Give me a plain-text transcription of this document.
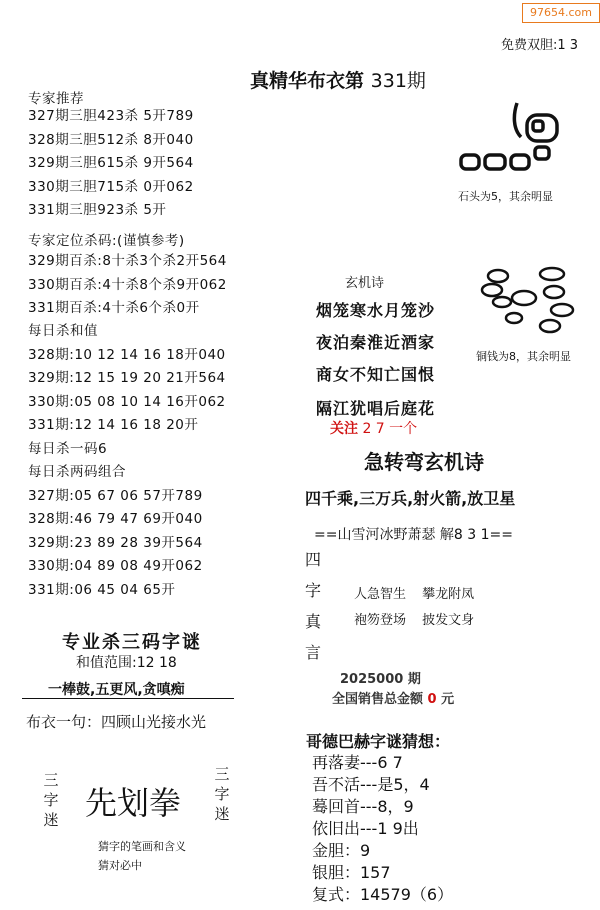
97654.com
免费双胆:1 3
真精华布衣第 331期
专家推荐
327期三胆423杀 5开789
328期三胆512杀 8开040
329期三胆615杀 9开564
330期三胆715杀 0开062
331期三胆923杀 5开
专家定位杀码:(谨慎参考)
329期百杀:8十杀3个杀2开564
330期百杀:4十杀8个杀9开062
331期百杀:4十杀6个杀0开
每日杀和值
328期:10 12 14 16 18开040
329期:12 15 19 20 21开564
330期:05 08 10 14 16开062
331期:12 14 16 18 20开
每日杀一码6
每日杀两码组合
327期:05 67 06 57开789
328期:46 79 47 69开040
329期:23 89 28 39开564
330期:04 89 08 49开062
331期:06 45 04 65开
石头为5，其余明显
铜钱为8，其余明显
玄机诗
烟笼寒水月笼沙
夜泊秦淮近酒家
商女不知亡国恨
隔江犹唱后庭花
关注 2 7 一个
急转弯玄机诗
四千乘,三万兵,射火箭,放卫星
==山雪河冰野萧瑟 解8 3 1==
四
字
真
言
人急智生 攀龙附凤
袍笏登场 披发文身
2025000 期
全国销售总金额 0 元
专业杀三码字谜
和值范围:12 18
一棒鼓,五更风,贪嗔痴
布衣一句：四顾山光接水光
三
字
迷 先划拳
三
字
迷
猜字的笔画和含义
猜对必中
哥德巴赫字谜猜想：
再落妻---6 7
吾不活---是5，4
蓦回首---8，9
依旧出---1 9出
金胆：9
银胆：157
复式：14579（6）
